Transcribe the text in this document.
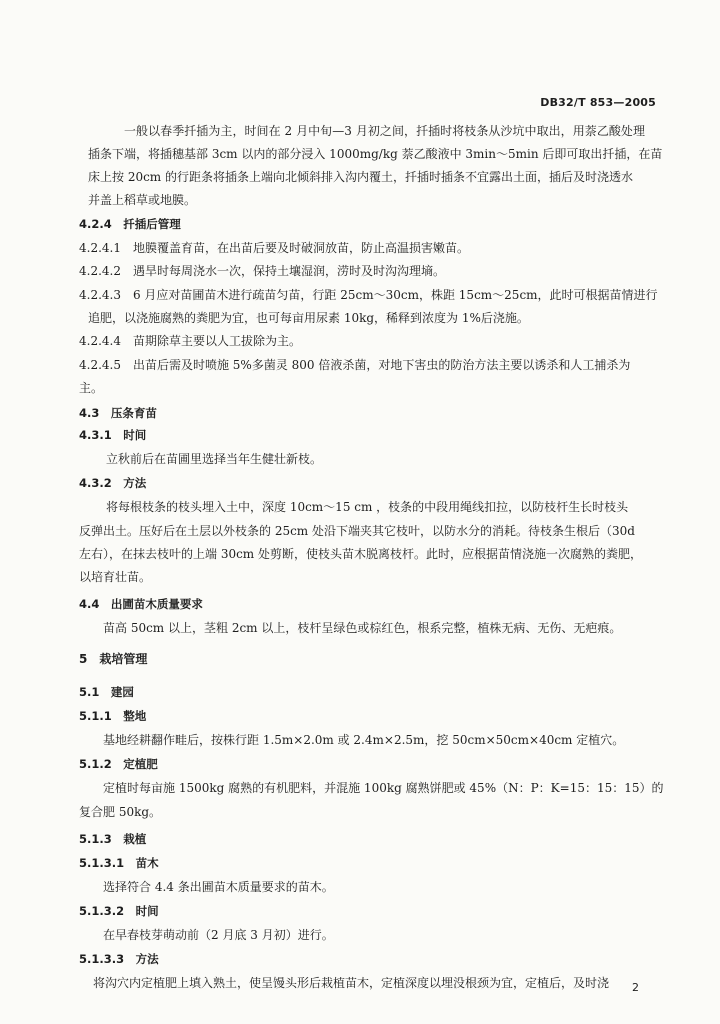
DB32/T 853—2005
一般以春季扦插为主，时间在 2 月中旬—3 月初之间，扦插时将枝条从沙坑中取出，用萘乙酸处理
插条下端，将插穗基部 3cm 以内的部分浸入 1000mg/kg 萘乙酸液中 3min～5min 后即可取出扦插，在苗
床上按 20cm 的行距条将插条上端向北倾斜排入沟内覆土，扦插时插条不宜露出土面，插后及时浇透水
并盖上稻草或地膜。
4.2.4　扦插后管理
4.2.4.1　地膜覆盖育苗，在出苗后要及时破洞放苗，防止高温损害嫩苗。
4.2.4.2　遇旱时每周浇水一次，保持土壤湿润，涝时及时沟沟理墒。
4.2.4.3　6 月应对苗圃苗木进行疏苗匀苗，行距 25cm～30cm，株距 15cm～25cm，此时可根据苗情进行
追肥，以浇施腐熟的粪肥为宜，也可每亩用尿素 10kg，稀释到浓度为 1%后浇施。
4.2.4.4　苗期除草主要以人工拔除为主。
4.2.4.5　出苗后需及时喷施 5%多菌灵 800 倍液杀菌，对地下害虫的防治方法主要以诱杀和人工捕杀为
主。
4.3　压条育苗
4.3.1　时间
立秋前后在苗圃里选择当年生健壮新枝。
4.3.2　方法
将每根枝条的枝头埋入土中，深度 10cm～15 cm ，枝条的中段用绳线扣拉，以防枝杆生长时枝头
反弹出土。压好后在土层以外枝条的 25cm 处沿下端夹其它枝叶，以防水分的消耗。待枝条生根后（30d
左右），在抹去枝叶的上端 30cm 处剪断，使枝头苗木脱离枝杆。此时，应根据苗情浇施一次腐熟的粪肥，
以培育壮苗。
4.4　出圃苗木质量要求
苗高 50cm 以上，茎粗 2cm 以上，枝杆呈绿色或棕红色，根系完整，植株无病、无伤、无疤痕。
5　栽培管理
5.1　建园
5.1.1　整地
基地经耕翻作畦后，按株行距 1.5m×2.0m 或 2.4m×2.5m，挖 50cm×50cm×40cm 定植穴。
5.1.2　定植肥
定植时每亩施 1500kg 腐熟的有机肥料，并混施 100kg 腐熟饼肥或 45%（N：P：K=15：15：15）的
复合肥 50kg。
5.1.3　栽植
5.1.3.1　苗木
选择符合 4.4 条出圃苗木质量要求的苗木。
5.1.3.2　时间
在早春枝芽萌动前（2 月底 3 月初）进行。
5.1.3.3　方法
将沟穴内定植肥上填入熟土，使呈馒头形后栽植苗木，定植深度以埋没根颈为宜，定植后，及时浇 2
